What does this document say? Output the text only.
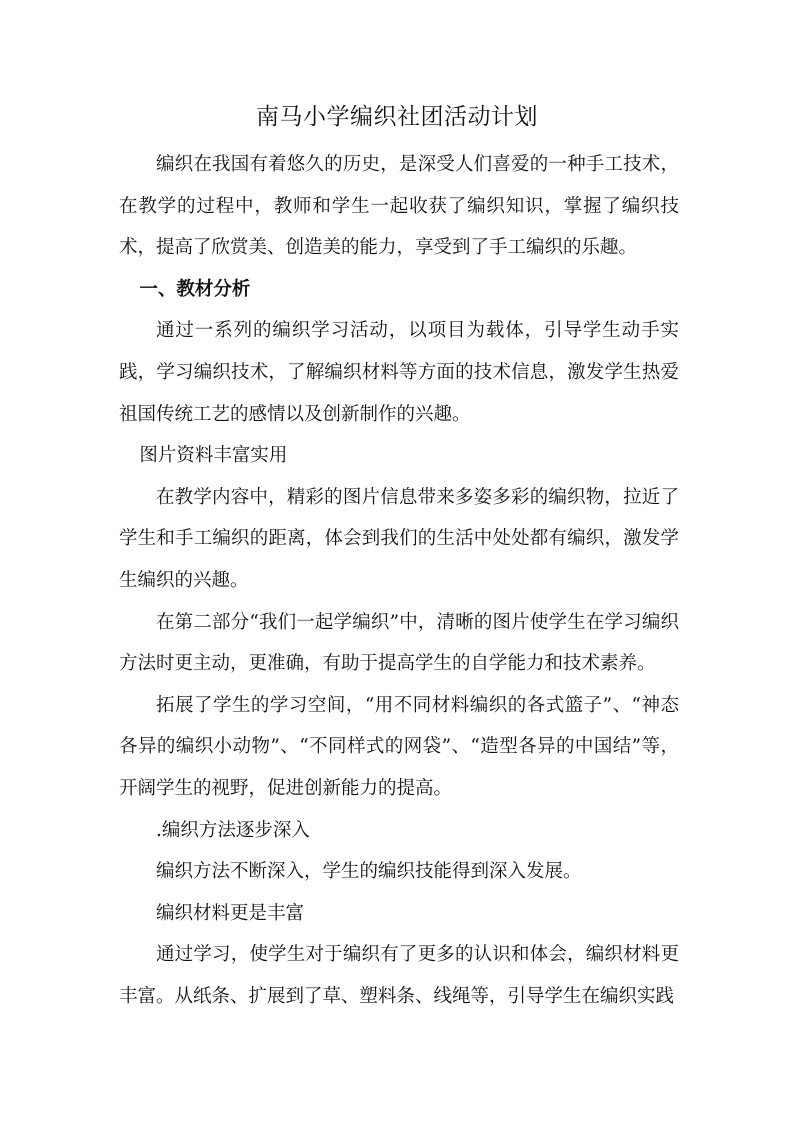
南马小学编织社团活动计划

编织在我国有着悠久的历史，是深受人们喜爱的一种手工技术，在教学的过程中，教师和学生一起收获了编织知识，掌握了编织技术，提高了欣赏美、创造美的能力，享受到了手工编织的乐趣。

一、教材分析

通过一系列的编织学习活动，以项目为载体，引导学生动手实践，学习编织技术，了解编织材料等方面的技术信息，激发学生热爱祖国传统工艺的感情以及创新制作的兴趣。

图片资料丰富实用

在教学内容中，精彩的图片信息带来多姿多彩的编织物，拉近了学生和手工编织的距离，体会到我们的生活中处处都有编织，激发学生编织的兴趣。

在第二部分“我们一起学编织”中，清晰的图片使学生在学习编织方法时更主动，更准确，有助于提高学生的自学能力和技术素养。

拓展了学生的学习空间，“用不同材料编织的各式篮子”、“神态各异的编织小动物”、“不同样式的网袋”、“造型各异的中国结”等，开阔学生的视野，促进创新能力的提高。

.编织方法逐步深入

编织方法不断深入，学生的编织技能得到深入发展。

编织材料更是丰富

通过学习，使学生对于编织有了更多的认识和体会，编织材料更丰富。从纸条、扩展到了草、塑料条、线绳等，引导学生在编织实践
